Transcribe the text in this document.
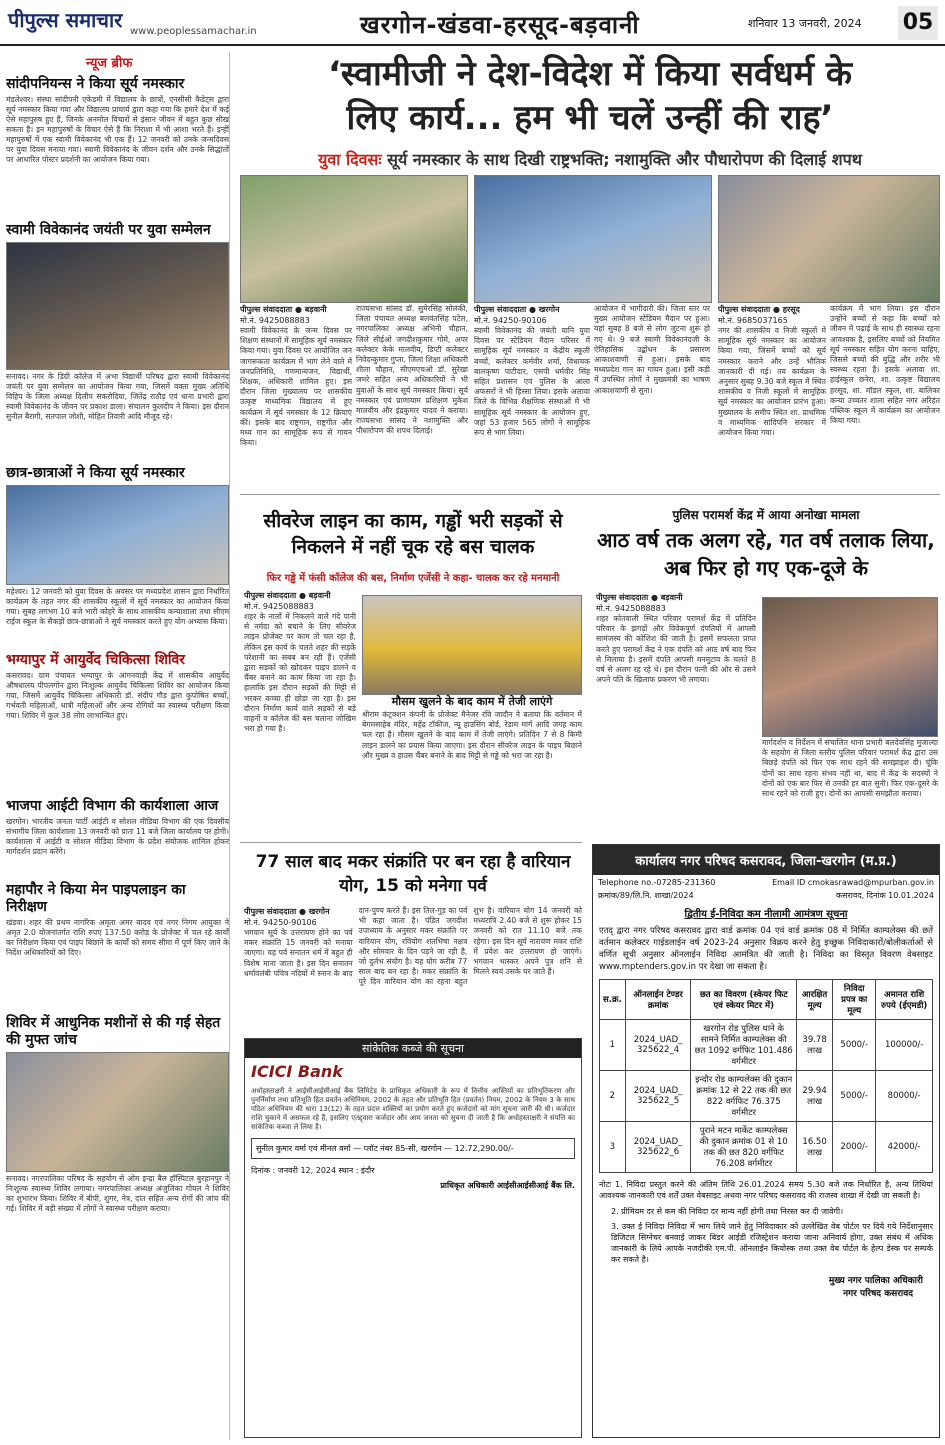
पीपुल्स समाचार www.peoplessamachar.in	खरगोन-खंडवा-हरसूद-बड़वानी	शनिवार 13 जनवरी, 2024 05
न्यूज ब्रीफ
सांदीपनियन्स ने किया सूर्य नमस्कार
मंडलेश्वर। संस्था सांदीपनी एकेडमी में विद्यालय के छात्रों, एनसीसी कैडेट्स द्वारा सूर्य नमस्कार किया गया और विद्यालय प्राचार्य द्वारा कहा गया कि हमारे देश में कई ऐसे महापुरुष हुए हैं, जिनके अनमोल विचारों से इंसान जीवन में बहुत कुछ सीख सकता है। इन महापुरुषों के विचार ऐसे हैं कि निराशा में भी आशा भरते हैं। इन्हीं महापुरुषों में एक स्वामी विवेकानंद भी एक हैं। 12 जनवरी को उनके जन्मदिवस पर युवा दिवस मनाया गया। स्वामी विवेकानंद के जीवन दर्शन और उनके सिद्धांतों पर आधारित पोस्टर प्रदर्शनी का आयोजन किया गया।
स्वामी विवेकानंद जयंती पर युवा सम्मेलन
सनावद। नगर के डिग्री कॉलेज में अभा विद्यार्थी परिषद द्वारा स्वामी विवेकानंद जयंती पर युवा सम्मेलन का आयोजन किया गया, जिसमें वक्ता मुख्य अतिथि विहिप के जिला अध्यक्ष दिलीप सकरोदिया, जितेंद्र राठौड़ एवं थाना प्रभारी द्वारा स्वामी विवेकानंद के जीवन पर प्रकाश डाला। संचालन कुलदीप ने किया। इस दौरान सुनील बैरागी, सतपाल जोशी, मोहित तिवारी आदि मौजूद रहे।
छात्र-छात्राओं ने किया सूर्य नमस्कार
महेश्वर। 12 जनवरी को युवा दिवस के अवसर पर मध्यप्रदेश शासन द्वारा निर्धारित कार्यक्रम के तहत नगर की शासकीय स्कूलों में सूर्य नमस्कार का आयोजन किया गया। सुबह लगभग 10 बजे भारी कोहरे के साथ शासकीय कन्याशाला तथा सीएम राईज स्कूल के सैकड़ों छात्र-छात्राओं ने सूर्य नमस्कार करते हुए योग अभ्यास किया।
भग्यापुर में आयुर्वेद चिकित्सा शिविर
कसरावद। ग्राम पंचायत भग्यापुर के आंगनवाड़ी केंद्र में शासकीय आयुर्वेद औषधालय पीपलगोन द्वारा निःशुल्क आयुर्वेद चिकित्सा शिविर का आयोजन किया गया, जिसमें आयुर्वेद चिकित्सा अधिकारी डॉ. संदीप गौड़ द्वारा कुपोषित बच्चों, गर्भवती महिलाओं, धात्री महिलाओं और अन्य रोगियों का स्वास्थ्य परीक्षण किया गया। शिविर में कुल 38 लोग लाभान्वित हुए।
भाजपा आईटी विभाग की कार्यशाला आज
खरगोन। भारतीय जनता पार्टी आईटी व सोशल मीडिया विभाग की एक दिवसीय संभागीय जिला कार्यशाला 13 जनवरी को प्रातः 11 बजे जिला कार्यालय पर होगी। कार्यशाला में आईटी व सोशल मीडिया विभाग के प्रदेश संयोजक शामिल होकर मार्गदर्शन प्रदान करेंगे।
महापौर ने किया मेन पाइपलाइन का निरीक्षण
खंडवा। शहर की प्रथम नागरिक अमृता अमर यादव एवं नगर निगम आयुक्त ने अमृत 2.0 योजनांतर्गत राशि रुपए 137.50 करोड़ के प्रोजेक्ट में चल रहे कार्यों का निरीक्षण किया एवं पाइप बिछाने के कार्यों को समय सीमा में पूर्ण किए जाने के निर्देश अधिकारियों को दिए।
शिविर में आधुनिक मशीनों से की गई सेहत की मुफ्त जांच
सनावद। नगरपालिका परिषद के सहयोग से ओम इन्द्रा बैल हॉस्पिटल बुरहानपुर ने निःशुल्क स्वास्थ्य शिविर लगाया। नगरपालिका अध्यक्ष अंजुलिका गोयल ने शिविर का शुभारंभ किया। शिविर में बीपी, शुगर, नेत्र, दांत सहित अन्य रोगों की जांच की गई। शिविर में बड़ी संख्या में लोगों ने स्वास्थ्य परीक्षण कराया।
‘स्वामीजी ने देश-विदेश में किया सर्वधर्म के
लिए कार्य... हम भी चलें उन्हीं की राह’
युवा दिवसः सूर्य नमस्कार के साथ दिखी राष्ट्रभक्ति; नशामुक्ति और पौधारोपण की दिलाई शपथ
पीपुल्स संवाददाता ● बड़वानी
मो.नं. 9425088883
स्वामी विवेकानंद के जन्म दिवस पर शिक्षण संस्थानों में सामूहिक सूर्य नमस्कार किया गया। युवा दिवस पर आयोजित जन जागरूकता कार्यक्रम में भाग लेने वाले में जनप्रतिनिधि, गणमान्यजन, विद्यार्थी, शिक्षक, अधिकारी शामिल हुए। इस दौरान जिला मुख्यालय पर शासकीय उत्कृष्ट माध्यमिक विद्यालय में हुए कार्यक्रम में सूर्य नमस्कार के 12 क्रियाएं कीं। इसके बाद राष्ट्रगान, राष्ट्रगीत और मध्य गान का सामूहिक रूप से गायन किया।
राज्यसभा सांसद डॉ. सुमेरसिंह सोलंकी, जिला पंचायत अध्यक्ष बलवंतसिंह पटेल, नगरपालिका अध्यक्ष अभिनी चौहान, जिले सीईओ जगदीशकुमार गोमे, अपर कलेक्टर केके मालवीय, डिप्टी कलेक्टर निवेदन्कुमार गुप्ता, जिला शिक्षा अधिकारी शीला चौहान, सीएमएचओ डॉ. सुरेखा जमरे सहित अन्य अधिकारियों ने भी युवाओं के साथ सूर्य नमस्कार किया। सूर्य नमस्कार एवं प्राणायाम प्रशिक्षण मुकेश मालवीय और इंद्रकुमार यादव ने कराया। राज्यसभा सांसद ने नशामुक्ति और पौधारोपण की शपथ दिलाई।
पीपुल्स संवाददाता ● खरगोन
मो.नं. 94250-90106
स्वामी विवेकानंद की जयंती यानि युवा दिवस पर स्टेडियम मैदान परिसर में सामूहिक सूर्य नमस्कार व केंद्रीय स्कूली बच्चों, कलेक्टर कर्मवीर शर्मा, विधायक बालकृष्ण पाटीदार, एसपी धर्मवीर सिंह सहित प्रशासन एवं पुलिस के आला अफसरों ने भी हिस्सा लिया। इसके अलावा जिले के विभिन्न शैक्षणिक संस्थाओं में भी सामूहिक सूर्य नमस्कार के आयोजन हुए, जहां 53 हजार 565 लोगों ने सामूहिक रूप से भाग लिया।
आयोजन में भागीदारी की। जिला स्तर पर मुख्य आयोजन स्टेडियम मैदान पर हुआ। यहां सुबह 8 बजे से लोग जुटना शुरू हो गए थे। 9 बजे स्वामी विवेकानंदजी के ऐतिहासिक उद्बोधन के प्रसारण आकाशवाणी से हुआ। इसके बाद मध्यप्रदेश गान का गायन हुआ। इसी कड़ी में उपस्थित लोगों ने मुख्यमंत्री का भाषण आकाशवाणी से सुना।
पीपुल्स संवाददाता ● हरसूद
मो.नं. 9685037165
नगर की शासकीय व निजी स्कूलों में सामूहिक सूर्य नमस्कार का आयोजन किया गया, जिसमें बच्चों को सूर्य नमस्कार कराने और उन्हें भौतिक जानकारी दी गई। तय कार्यक्रम के अनुसार सुबह 9.30 बजे स्कूल में स्थित शासकीय व निजी स्कूलों में सामूहिक सूर्य नमस्कार का आयोजन प्रारंभ हुआ। मुख्यालय के समीप स्थित शा. प्राथमिक व माध्यमिक सांदिपनि सरकार में आयोजन किया गया।
कार्यक्रम में भाग लिया। इस दौरान उन्होंने बच्चों से कहा कि बच्चों को जीवन में पढ़ाई के साथ ही स्वास्थ्य रहना आवश्यक है, इसलिए बच्चों को नियमित सूर्य नमस्कार सहित योग करना चाहिए, जिससे बच्चों की बुद्धि और शरीर भी स्वस्थ्य रहता है। इसके अलावा शा. हाईस्कूल छनेरा, शा. उत्कृष्ट विद्यालय हरसूद, शा. मॉडल स्कूल, शा. बालिका कन्या उच्चतर शाला सहित नगर अरिहंत पब्लिक स्कूल में कार्यक्रम का आयोजन किया गया।
सीवरेज लाइन का काम, गड्ढों भरी सड़कों से निकलने में नहीं चूक रहे बस चालक
फिर गड्ढे में फंसी कॉलेज की बस, निर्माण एजेंसी ने कहा- चालक कर रहे मनमानी
पीपुल्स संवाददाता ● बड़वानी
मो.नं. 9425088883
शहर के नालों में निकलने वाले गंदे पानी से नर्मदा को बचाने के लिए सीवरेज लाइन प्रोजेक्ट पर काम तो चल रहा है, लेकिन इस कार्य के चलते शहर की सड़कें परेशानी का सबब बन रही हैं। एजेंसी द्वारा सड़कों को खोदकर पाइप डालने व चैंबर बनाने का काम किया जा रहा है। हालांकि इस दौरान सड़कों की मिट्टी से भरकर कच्चा ही छोड़ा जा रहा है। इस दौरान निर्माण कार्य वाले सड़कों से बड़े वाहनों व कॉलेज की बस चलाना जोखिम भरा हो गया है।
मौसम खुलने के बाद काम में तेजी लाएंगे
श्रीराम कंट्रक्शन कंपनी के प्रोजेक्ट मैनेजर रवि जादौन ने बताया कि वर्तमान में बेगमसाहेब मंदिर, महेंद्र टॉकीज, न्यू हाउसिंग बोर्ड, रेडाम मार्ग आदि जगह काम चल रहा है। मौसम खुलने के बाद काम में तेजी लाएंगे। प्रतिदिन 7 से 8 किमी लाइन डालने का प्रयास किया जाएगा। इस दौरान सीवरेज लाइन के पाइप बिछाने और मुख्य व हाउस चैंबर बनाने के बाद मिट्टी से गड्ढे को भरा जा रहा है।
77 साल बाद मकर संक्रांति पर बन रहा है वारियान योग, 15 को मनेगा पर्व
पीपुल्स संवाददाता ● खरगोन
मो.नं. 94250-90106
भगवान सूर्य के उत्तरायण होने का पर्व मकर संक्रांति 15 जनवरी को मनाया जाएगा। यह पर्व सनातन धर्म में बहुत ही विशेष माना जाता है। इस दिन सनातन धर्मावलंबी पवित्र नदियों में स्नान के बाद दान-पुण्य करते हैं। इस तिल-गुड़ का पर्व भी कहा जाता है। पंडित जगदीश उपाध्याय के अनुसार मकर संक्रांति पर वारियान योग, रवियोग शतभिषा नक्षत्र और सोमवार के दिन पड़ने जा रही है, जो दुर्लभ संयोग है। यह योग करीब 77 साल बाद बन रहा है। मकर संक्रांति के पूरे दिन वारियान योग का रहना बहुत शुभ है। वारियान योग 14 जनवरी को मध्यरात्रि 2.40 बजे से शुरू होकर 15 जनवरी को रात 11.10 बजे तक रहेगा। इस दिन सूर्य नारायण मकर राशि में प्रवेश कर उत्तरायण हो जाएंगे। भगवान भास्कर अपने पुत्र शनि से मिलने स्वयं उसके घर जाते हैं।
सांकेतिक कब्जे की सूचना
ICICI Bank
अधोहस्ताक्षरी ने आईसीआईसीआई बैंक लिमिटेड के प्राधिकृत अधिकारी के रूप में वित्तीय आस्तियों का प्रतिभूतिकरण और पुनर्निर्माण तथा प्रतिभूति हित प्रवर्तन अधिनियम, 2002 के तहत और प्रतिभूति हित (प्रवर्तन) नियम, 2002 के नियम 3 के साथ पठित अधिनियम की धारा 13(12) के तहत प्रदत्त शक्तियों का प्रयोग करते हुए कर्जदारों को मांग सूचना जारी की थी। कर्जदार राशि चुकाने में असफल रहे हैं, इसलिए एतद्द्वारा कर्जदार और आम जनता को सूचना दी जाती है कि अधोहस्ताक्षरी ने संपत्ति का सांकेतिक कब्जा ले लिया है।
सुनील कुमार वर्मा एवं मीनल वर्मा — प्लॉट नंबर 85-सी, खरगोन — 12.72,290.00/-
दिनांक : जनवरी 12, 2024 स्थान : इंदौर
प्राधिकृत अधिकारी आईसीआईसीआई बैंक लि.
पुलिस परामर्श केंद्र में आया अनोखा मामला
आठ वर्ष तक अलग रहे, गत वर्ष तलाक लिया, अब फिर हो गए एक-दूजे के
पीपुल्स संवाददाता ● बड़वानी
मो.नं. 9425088883
शहर कोतवाली स्थित परिवार परामर्श केंद्र में प्रतिदिन परिवार के झगड़ों और विवेकपूर्ण दंपतियों में आपसी सामंजस्य की कोशिश की जाती है। इसमें सफलता प्राप्त करते हुए परामर्श केंद्र ने एक दंपति को आठ वर्ष बाद फिर से मिलाया है। इसमें दंपति आपसी मनमुटाव के चलते 8 वर्ष से अलग रह रहे थे। इस दौरान पत्नी की ओर से उसने अपने पति के खिलाफ प्रकरण भी लगाया।
मार्गदर्शन व निर्देशन में संचालित थाना प्रभारी बलदेवसिंह मुजाल्दा के सहयोग से जिला स्तरीय पुलिस परिवार परामर्श केंद्र द्वारा उस बिछड़े दंपति को फिर एक साथ रहने की समझाइश दी। चूंकि दोनों का साथ रहना संभव नहीं था, बाद में केंद्र के सदस्यों ने दोनों को एक बार फिर से उनकी हर बात सुनी। फिर एक-दूसरे के साथ रहने को राजी हुए। दोनों का आपसी समझौता कराया।
कार्यालय नगर परिषद कसरावद, जिला-खरगोन (म.प्र.)
Telephone no.-07285-231360	Email ID cmokasrawad@mpurban.gov.in
क्रमांक/89/लि.नि. शाखा/2024	कसरावद, दिनांक 10.01.2024
द्वितीय ई-निविदा कम नीलामी आमंत्रण सूचना
एतद् द्वारा नगर परिषद कसरावद द्वारा वार्ड क्रमांक 04 एवं वार्ड क्रमांक 08 में निर्मित काम्पलेक्स की छतें वर्तमान कलेक्टर गाईडलाईन वर्ष 2023-24 अनुसार विक्रय करने हेतु इच्छुक निविदाकारों/बोलीकर्ताओं से वर्णित सूची अनुसार ऑनलाईन निविदा आमंत्रित की जाती है। निविदा का विस्तृत विवरण वेबसाइट www.mptenders.gov.in पर देखा जा सकता है।
स.क्र.	ऑनलाईन टेण्डर क्रमांक	छत का विवरण (स्केयर फिट एवं स्केयर मिटर में)	आरक्षित मूल्य	निविदा प्रपत्र का मूल्य	अमानत राशि रुपये (ईएमडी)
1	2024_UAD_ 325622_4	खरगोन रोड पुलिस थाने के सामने निर्मित काम्पलेक्स की छत 1092 वर्गफिट 101.486 वर्गमीटर	39.78 लाख	5000/-	100000/-
2	2024_UAD_ 325622_5	इन्दौर रोड काम्पलेक्स की दुकान क्रमांक 12 से 22 तक की छत 822 वर्गफिट 76.375 वर्गमीटर	29.94 लाख	5000/-	80000/-
3	2024_UAD_ 325622_6	पुराने मटन मार्केट काम्पलेक्स की दुकान क्रमांक 01 से 10 तक की छत 820 वर्गफिट 76.208 वर्गमीटर	16.50 लाख	2000/-	42000/-
नोटः 1. निविदा प्रस्तुत करने की अंतिम तिथि 26.01.2024 समय 5.30 बजे तक निर्धारित है, अन्य तिथियां आवश्यक जानकारी एवं शर्तें उक्त वेबसाइट अथवा नगर परिषद कसरावद की राजस्व शाखा में देखी जा सकती है।
2. प्रीमियम दर से कम की निविदा दर मान्य नहीं होगी तथा निरस्त कर दी जावेगी।
3. उक्त ई निविदा निविदा में भाग लिये जाने हेतु निविदाकार को उल्लेखित वेब पोर्टल पर दिये गये निर्देशानुसार डिजिटल सिग्नेचर बनवाई जाकर बिडर आईडी रजिस्ट्रेशन कराया जाना अनिवार्य होगा, उक्त संबंध में अधिक जानकारी के लिये आपके नजदीकी एम.पी. ऑनलाईन कियोस्क तथा उक्त वेब पोर्टल के हेल्प डेस्क पर सम्पर्क कर सकते है।
मुख्य नगर पालिका अधिकारी
नगर परिषद कसरावद
